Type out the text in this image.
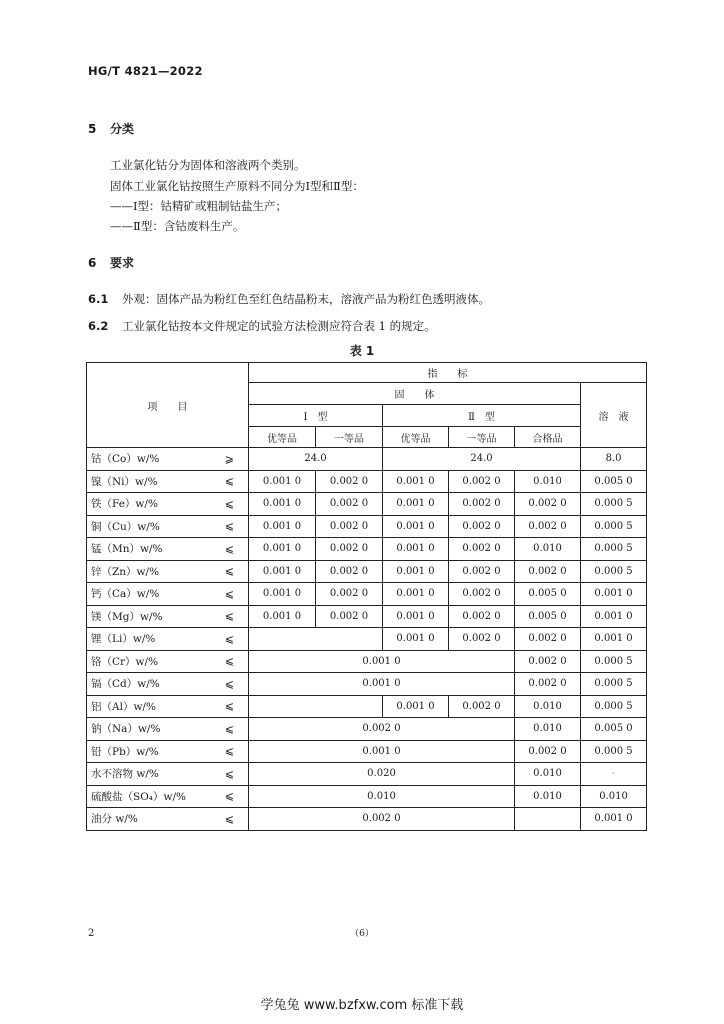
HG/T 4821—2022
5 分类
工业氯化钴分为固体和溶液两个类别。
固体工业氯化钴按照生产原料不同分为Ⅰ型和Ⅱ型：
——Ⅰ型：钴精矿或粗制钴盐生产；
——Ⅱ型：含钴废料生产。
6 要求
6.1 外观：固体产品为粉红色至红色结晶粉末，溶液产品为粉红色透明液体。
6.2 工业氯化钴按本文件规定的试验方法检测应符合表 1 的规定。
表 1
项　　目	指　　标					
	固　　体					溶　液
	Ⅰ　型		Ⅱ　型			
	优等品	一等品	优等品	一等品	合格品	
钴（Co）w/% ⩾	24.0		24.0			8.0
镍（Ni）w/% ⩽	0.001 0	0.002 0	0.001 0	0.002 0	0.010	0.005 0
铁（Fe）w/% ⩽	0.001 0	0.002 0	0.001 0	0.002 0	0.002 0	0.000 5
铜（Cu）w/% ⩽	0.001 0	0.002 0	0.001 0	0.002 0	0.002 0	0.000 5
锰（Mn）w/% ⩽	0.001 0	0.002 0	0.001 0	0.002 0	0.010	0.000 5
锌（Zn）w/% ⩽	0.001 0	0.002 0	0.001 0	0.002 0	0.002 0	0.000 5
钙（Ca）w/% ⩽	0.001 0	0.002 0	0.001 0	0.002 0	0.005 0	0.001 0
镁（Mg）w/% ⩽	0.001 0	0.002 0	0.001 0	0.002 0	0.005 0	0.001 0
锂（Li）w/% ⩽			0.001 0	0.002 0	0.002 0	0.001 0
铬（Cr）w/% ⩽	0.001 0				0.002 0	0.000 5
镉（Cd）w/% ⩽	0.001 0				0.002 0	0.000 5
铝（Al）w/% ⩽			0.001 0	0.002 0	0.010	0.000 5
钠（Na）w/% ⩽	0.002 0				0.010	0.005 0
铅（Pb）w/% ⩽	0.001 0				0.002 0	0.000 5
水不溶物 w/% ⩽	0.020				0.010	-
硫酸盐（SO₄）w/% ⩽	0.010				0.010	0.010
油分 w/% ⩽	0.002 0					0.001 0
2	（6）
学兔兔 www.bzfxw.com 标准下载
